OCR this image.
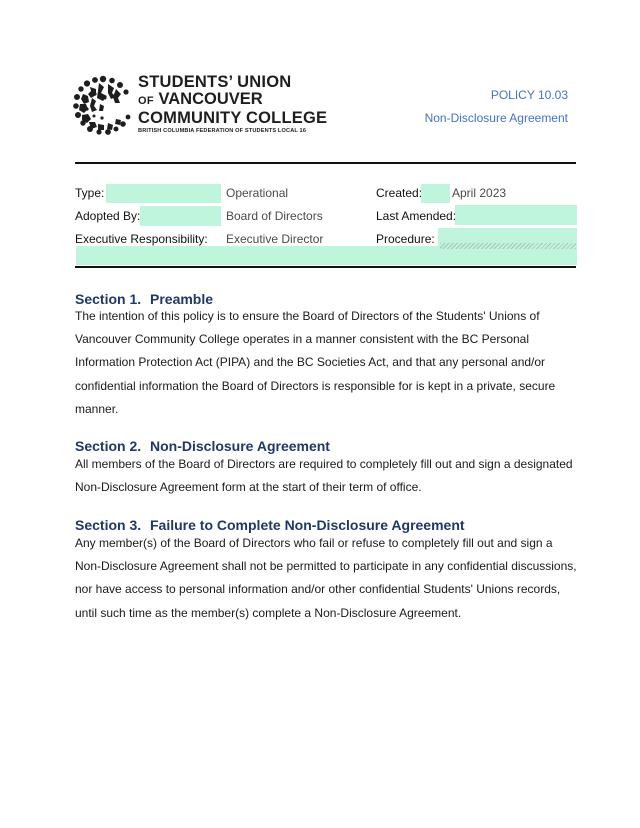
STUDENTS’ UNION
OF VANCOUVER
COMMUNITY COLLEGE
BRITISH COLUMBIA FEDERATION OF STUDENTS LOCAL 16
POLICY 10.03
Non-Disclosure Agreement
Type:	Operational	Created: April 2023
Adopted By:	Board of Directors	Last Amended:
Executive Responsibility: Executive Director	Procedure:
Section 1. Preamble
The intention of this policy is to ensure the Board of Directors of the Students' Unions of
Vancouver Community College operates in a manner consistent with the BC Personal
Information Protection Act (PIPA) and the BC Societies Act, and that any personal and/or
confidential information the Board of Directors is responsible for is kept in a private, secure
manner.
Section 2. Non-Disclosure Agreement
All members of the Board of Directors are required to completely fill out and sign a designated
Non-Disclosure Agreement form at the start of their term of office.
Section 3. Failure to Complete Non-Disclosure Agreement
Any member(s) of the Board of Directors who fail or refuse to completely fill out and sign a
Non-Disclosure Agreement shall not be permitted to participate in any confidential discussions,
nor have access to personal information and/or other confidential Students' Unions records,
until such time as the member(s) complete a Non-Disclosure Agreement.
